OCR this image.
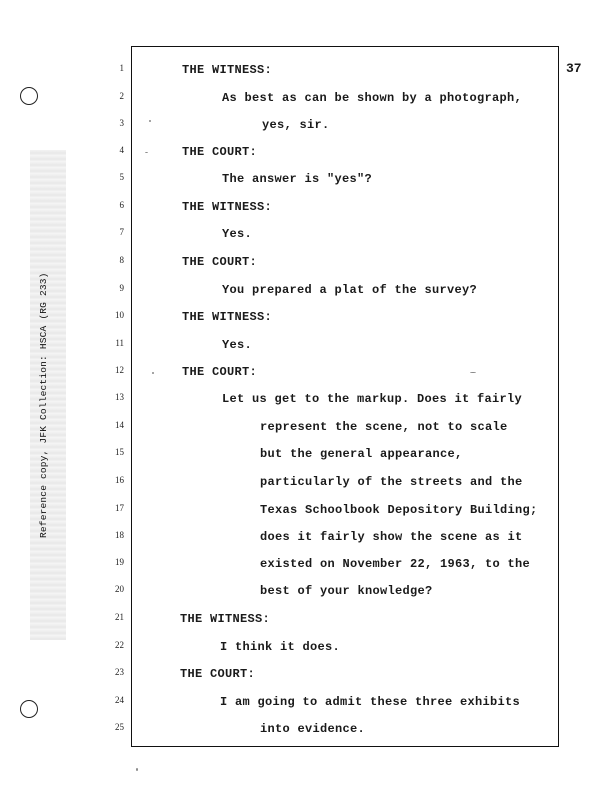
Reference copy, JFK Collection: HSCA (RG 233)
37
1
2
3
4
5
6
7
8
9
10
11
12
13
14
15
16
17
18
19
20
21
22
23
24
25
THE WITNESS:
As best as can be shown by a photograph,
yes, sir.
THE COURT:
The answer is "yes"?
THE WITNESS:
Yes.
THE COURT:
You prepared a plat of the survey?
THE WITNESS:
Yes.
THE COURT:
Let us get to the markup. Does it fairly
represent the scene, not to scale
but the general appearance,
particularly of the streets and the
Texas Schoolbook Depository Building;
does it fairly show the scene as it
existed on November 22, 1963, to the
best of your knowledge?
THE WITNESS:
I think it does.
THE COURT:
I am going to admit these three exhibits
into evidence.
